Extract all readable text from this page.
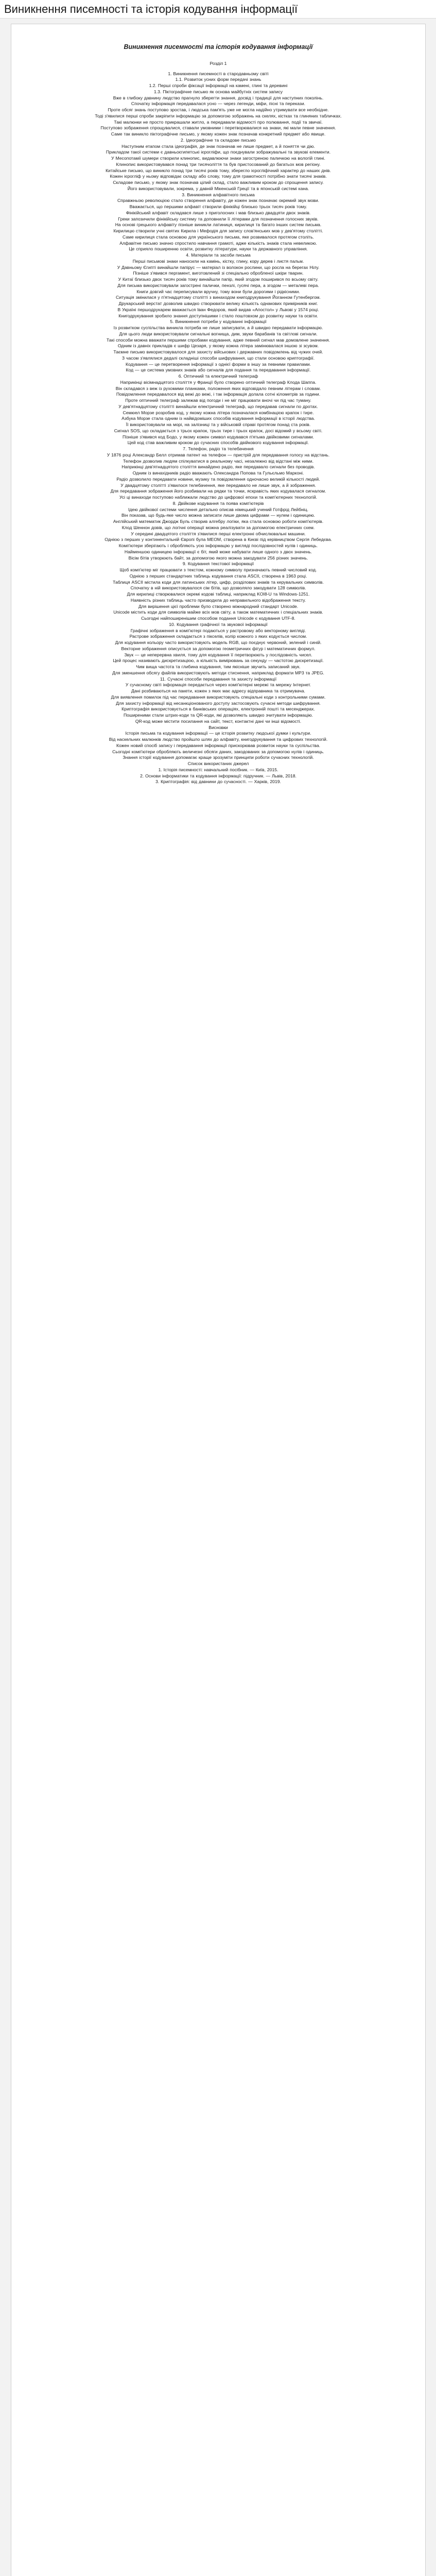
Виникнення писемності та історія кодування інформації
Виникнення писемності та історія кодування інформації
Розділ 1

1. Виникнення писемності в стародавньому світі

1.1. Розвиток усних форм передачі знань

1.2. Перші спроби фіксації інформації на камені, глині та деревині

1.3. Піктографічне письмо як основа майбутніх систем запису

Вже в глибоку давнину людство прагнуло зберегти знання, досвід і традиції для наступних поколінь.

Спочатку інформація передавалася усно — через легенди, міфи, пісні та перекази.

Проте обсяг знань поступово зростав, і людська пам'ять уже не могла надійно утримувати все необхідне.

Тоді з'явилися перші спроби закріпити інформацію за допомогою зображень на скелях, кістках та глиняних табличках.

Такі малюнки не просто прикрашали житло, а передавали відомості про полювання, події та звичаї.

Поступово зображення спрощувалися, ставали умовними і перетворювалися на знаки, які мали певне значення.

Саме так виникло піктографічне письмо, у якому кожен знак позначав конкретний предмет або явище.

2. Ідеографічне та складове письмо

Наступним етапом стала ідеографія, де знак позначав не лише предмет, а й поняття чи дію.

Прикладом такої системи є давньоєгипетські ієрогліфи, що поєднували зображувальні та звукові елементи.

У Месопотамії шумери створили клинопис, видавлюючи знаки загостреною паличкою на вологій глині.

Клинопис використовувався понад три тисячоліття та був пристосований до багатьох мов регіону.

Китайське письмо, що виникло понад три тисячі років тому, зберегло ієрогліфічний характер до наших днів.

Кожен ієрогліф у ньому відповідає складу або слову, тому для грамотності потрібно знати тисячі знаків.

Складове письмо, у якому знак позначав цілий склад, стало важливим кроком до спрощення запису.

Його використовували, зокрема, у давній Мікенській Греції та в японській системі кана.

3. Виникнення алфавітного письма

Справжньою революцією стало створення алфавіту, де кожен знак позначає окремий звук мови.

Вважається, що першими алфавіт створили фінікійці близько трьох тисяч років тому.

Фінікійський алфавіт складався лише з приголосних і мав близько двадцяти двох знаків.

Греки запозичили фінікійську систему та доповнили її літерами для позначення голосних звуків.

На основі грецького алфавіту пізніше виникли латиниця, кирилиця та багато інших систем письма.

Кирилицю створили учні святих Кирила і Мефодія для запису слов'янських мов у дев'ятому столітті.

Саме кирилиця стала основою для українського письма, яке розвивалося протягом століть.

Алфавітне письмо значно спростило навчання грамоті, адже кількість знаків стала невеликою.

Це сприяло поширенню освіти, розвитку літератури, науки та державного управління.

4. Матеріали та засоби письма

Перші письмові знаки наносили на камінь, кістку, глину, кору дерев і листя пальм.

У Давньому Єгипті винайшли папірус — матеріал із волокон рослини, що росла на берегах Нілу.

Пізніше з'явився пергамент, виготовлений зі спеціально обробленої шкіри тварин.

У Китаї близько двох тисяч років тому винайшли папір, який згодом поширився по всьому світу.

Для письма використовували загострені палички, пензлі, гусячі пера, а згодом — металеві пера.

Книги довгий час переписували вручну, тому вони були дорогими і рідкісними.

Ситуація змінилася у п'ятнадцятому столітті з винаходом книгодрукування Йоганном Гутенбергом.

Друкарський верстат дозволив швидко створювати велику кількість однакових примірників книг.

В Україні першодрукарем вважається Іван Федоров, який видав «Апостол» у Львові у 1574 році.

Книгодрукування зробило знання доступнішими і стало поштовхом до розвитку науки та освіти.

5. Виникнення потреби у кодуванні інформації

Із розвитком суспільства виникла потреба не лише записувати, а й швидко передавати інформацію.

Для цього люди використовували сигнальні вогнища, дим, звуки барабанів та світлові сигнали.

Такі способи можна вважати першими спробами кодування, адже певний сигнал мав домовлене значення.

Одним із давніх прикладів є шифр Цезаря, у якому кожна літера замінювалася іншою зі зсувом.

Таємне письмо використовувалося для захисту військових і державних повідомлень від чужих очей.

З часом з'являлися дедалі складніші способи шифрування, що стали основою криптографії.

Кодування — це перетворення інформації з однієї форми в іншу за певними правилами.

Код — це система умовних знаків або сигналів для подання та передавання інформації.

6. Оптичний та електричний телеграф

Наприкінці вісімнадцятого століття у Франції було створено оптичний телеграф Клода Шаппа.

Він складався з веж із рухомими планками, положення яких відповідало певним літерам і словам.

Повідомлення передавалося від вежі до вежі, і так інформація долала сотні кілометрів за години.

Проте оптичний телеграф залежав від погоди і не міг працювати вночі чи під час туману.

У дев'ятнадцятому столітті винайшли електричний телеграф, що передавав сигнали по дротах.

Семюел Морзе розробив код, у якому кожна літера позначалася комбінацією крапок і тире.

Азбука Морзе стала одним із найвідоміших способів кодування інформації в історії людства.

Її використовували на морі, на залізниці та у військовій справі протягом понад ста років.

Сигнал SOS, що складається з трьох крапок, трьох тире і трьох крапок, досі відомий у всьому світі.

Пізніше з'явився код Бодо, у якому кожен символ кодувався п'ятьма двійковими сигналами.

Цей код став важливим кроком до сучасних способів двійкового кодування інформації.

7. Телефон, радіо та телебачення

У 1876 році Александр Белл отримав патент на телефон — пристрій для передавання голосу на відстань.

Телефон дозволив людям спілкуватися в реальному часі, незалежно від відстані між ними.

Наприкінці дев'ятнадцятого століття винайдено радіо, яке передавало сигнали без проводів.

Одним із винахідників радіо вважають Олександра Попова та Гульєльмо Марконі.

Радіо дозволило передавати новини, музику та повідомлення одночасно великій кількості людей.

У двадцятому столітті з'явилося телебачення, яке передавало не лише звук, а й зображення.

Для передавання зображення його розбивали на рядки та точки, яскравість яких кодувалася сигналом.

Усі ці винаходи поступово наближали людство до цифрової епохи та комп'ютерних технологій.

8. Двійкове кодування та поява комп'ютерів

Ідею двійкової системи числення детально описав німецький учений Готфрід Лейбніц.

Він показав, що будь-яке число можна записати лише двома цифрами — нулем і одиницею.

Англійський математик Джордж Буль створив алгебру логіки, яка стала основою роботи комп'ютерів.

Клод Шеннон довів, що логічні операції можна реалізувати за допомогою електричних схем.

У середині двадцятого століття з'явилися перші електронні обчислювальні машини.

Однією з перших у континентальній Європі була МЕОМ, створена в Києві під керівництвом Сергія Лебедєва.

Комп'ютери зберігають і обробляють усю інформацію у вигляді послідовностей нулів і одиниць.

Найменшою одиницею інформації є біт, який може набувати лише одного з двох значень.

Вісім бітів утворюють байт, за допомогою якого можна закодувати 256 різних значень.

9. Кодування текстової інформації

Щоб комп'ютер міг працювати з текстом, кожному символу призначають певний числовий код.

Однією з перших стандартних таблиць кодування стала ASCII, створена в 1963 році.

Таблиця ASCII містила коди для латинських літер, цифр, розділових знаків та керувальних символів.

Спочатку в ній використовувалося сім бітів, що дозволяло закодувати 128 символів.

Для кирилиці створювалися окремі кодові таблиці, наприклад KOI8-U та Windows-1251.

Наявність різних таблиць часто призводила до неправильного відображення тексту.

Для вирішення цієї проблеми було створено міжнародний стандарт Unicode.

Unicode містить коди для символів майже всіх мов світу, а також математичних і спеціальних знаків.

Сьогодні найпоширенішим способом подання Unicode є кодування UTF-8.

10. Кодування графічної та звукової інформації

Графічні зображення в комп'ютері подаються у растровому або векторному вигляді.

Растрове зображення складається з пікселів, колір кожного з яких кодується числом.

Для кодування кольору часто використовують модель RGB, що поєднує червоний, зелений і синій.

Векторне зображення описується за допомогою геометричних фігур і математичних формул.

Звук — це неперервна хвиля, тому для кодування її перетворюють у послідовність чисел.

Цей процес називають дискретизацією, а кількість вимірювань за секунду — частотою дискретизації.

Чим вища частота та глибина кодування, тим якісніше звучить записаний звук.

Для зменшення обсягу файлів використовують методи стиснення, наприклад формати MP3 та JPEG.

11. Сучасні способи передавання та захисту інформації

У сучасному світі інформація передається через комп'ютерні мережі та мережу Інтернет.

Дані розбиваються на пакети, кожен з яких має адресу відправника та отримувача.

Для виявлення помилок під час передавання використовують спеціальні коди з контрольними сумами.

Для захисту інформації від несанкціонованого доступу застосовують сучасні методи шифрування.

Криптографія використовується в банківських операціях, електронній пошті та месенджерах.

Поширеними стали штрих-коди та QR-коди, які дозволяють швидко зчитувати інформацію.

QR-код може містити посилання на сайт, текст, контактні дані чи інші відомості.

Висновки

Історія письма та кодування інформації — це історія розвитку людської думки і культури.

Від наскельних малюнків людство пройшло шлях до алфавіту, книгодрукування та цифрових технологій.

Кожен новий спосіб запису і передавання інформації прискорював розвиток науки та суспільства.

Сьогодні комп'ютери обробляють величезні обсяги даних, закодованих за допомогою нулів і одиниць.

Знання історії кодування допомагає краще зрозуміти принципи роботи сучасних технологій.

Список використаних джерел

1. Історія писемності: навчальний посібник. — Київ, 2015.

2. Основи інформатики та кодування інформації: підручник. — Львів, 2018.

3. Криптографія: від давнини до сучасності. — Харків, 2019.
